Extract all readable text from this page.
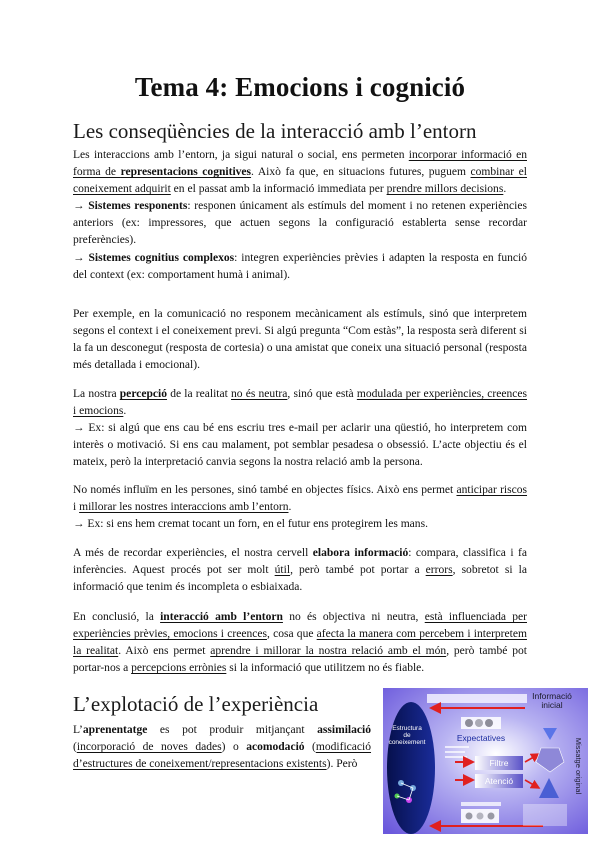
Tema 4: Emocions i cognició
Les conseqüències de la interacció amb l’entorn

Les interaccions amb l’entorn, ja sigui natural o social, ens permeten incorporar informació en forma de representacions cognitives. Això fa que, en situacions futures, puguem combinar el coneixement adquirit en el passat amb la informació immediata per prendre millors decisions.

→ Sistemes responents: responen únicament als estímuls del moment i no retenen experiències anteriors (ex: impressores, que actuen segons la configuració establerta sense recordar preferències).

→ Sistemes cognitius complexos: integren experiències prèvies i adapten la resposta en funció del context (ex: comportament humà i animal).

Per exemple, en la comunicació no responem mecànicament als estímuls, sinó que interpretem segons el context i el coneixement previ. Si algú pregunta “Com estàs”, la resposta serà diferent si la fa un desconegut (resposta de cortesia) o una amistat que coneix una situació personal (resposta més detallada i emocional).

La nostra percepció de la realitat no és neutra, sinó que està modulada per experiències, creences i emocions.

→ Ex: si algú que ens cau bé ens escriu tres e-mail per aclarir una qüestió, ho interpretem com interès o motivació. Si ens cau malament, pot semblar pesadesa o obsessió. L’acte objectiu és el mateix, però la interpretació canvia segons la nostra relació amb la persona.

No només influïm en les persones, sinó també en objectes físics. Això ens permet anticipar riscos i millorar les nostres interaccions amb l’entorn.

→ Ex: si ens hem cremat tocant un forn, en el futur ens protegirem les mans.

A més de recordar experiències, el nostra cervell elabora informació: compara, classifica i fa inferències. Aquest procés pot ser molt útil, però també pot portar a errors, sobretot si la informació que tenim és incompleta o esbiaixada.

En conclusió, la interacció amb l’entorn no és objectiva ni neutra, està influenciada per experiències prèvies, emocions i creences, cosa que afecta la manera com percebem i interpretem la realitat. Això ens permet aprendre i millorar la nostra relació amb el món, però també pot portar-nos a percepcions errònies si la informació que utilitzem no és fiable.

L’explotació de l’experiència

L’aprenentatge es pot produir mitjançant assimilació (incorporació de noves dades) o acomodació (modificació d’estructures de coneixement/representacions existents). Però

Estructura
de
coneixement	Expectatives
Filtre
Atenció
Informació
inicial
Missatge original
